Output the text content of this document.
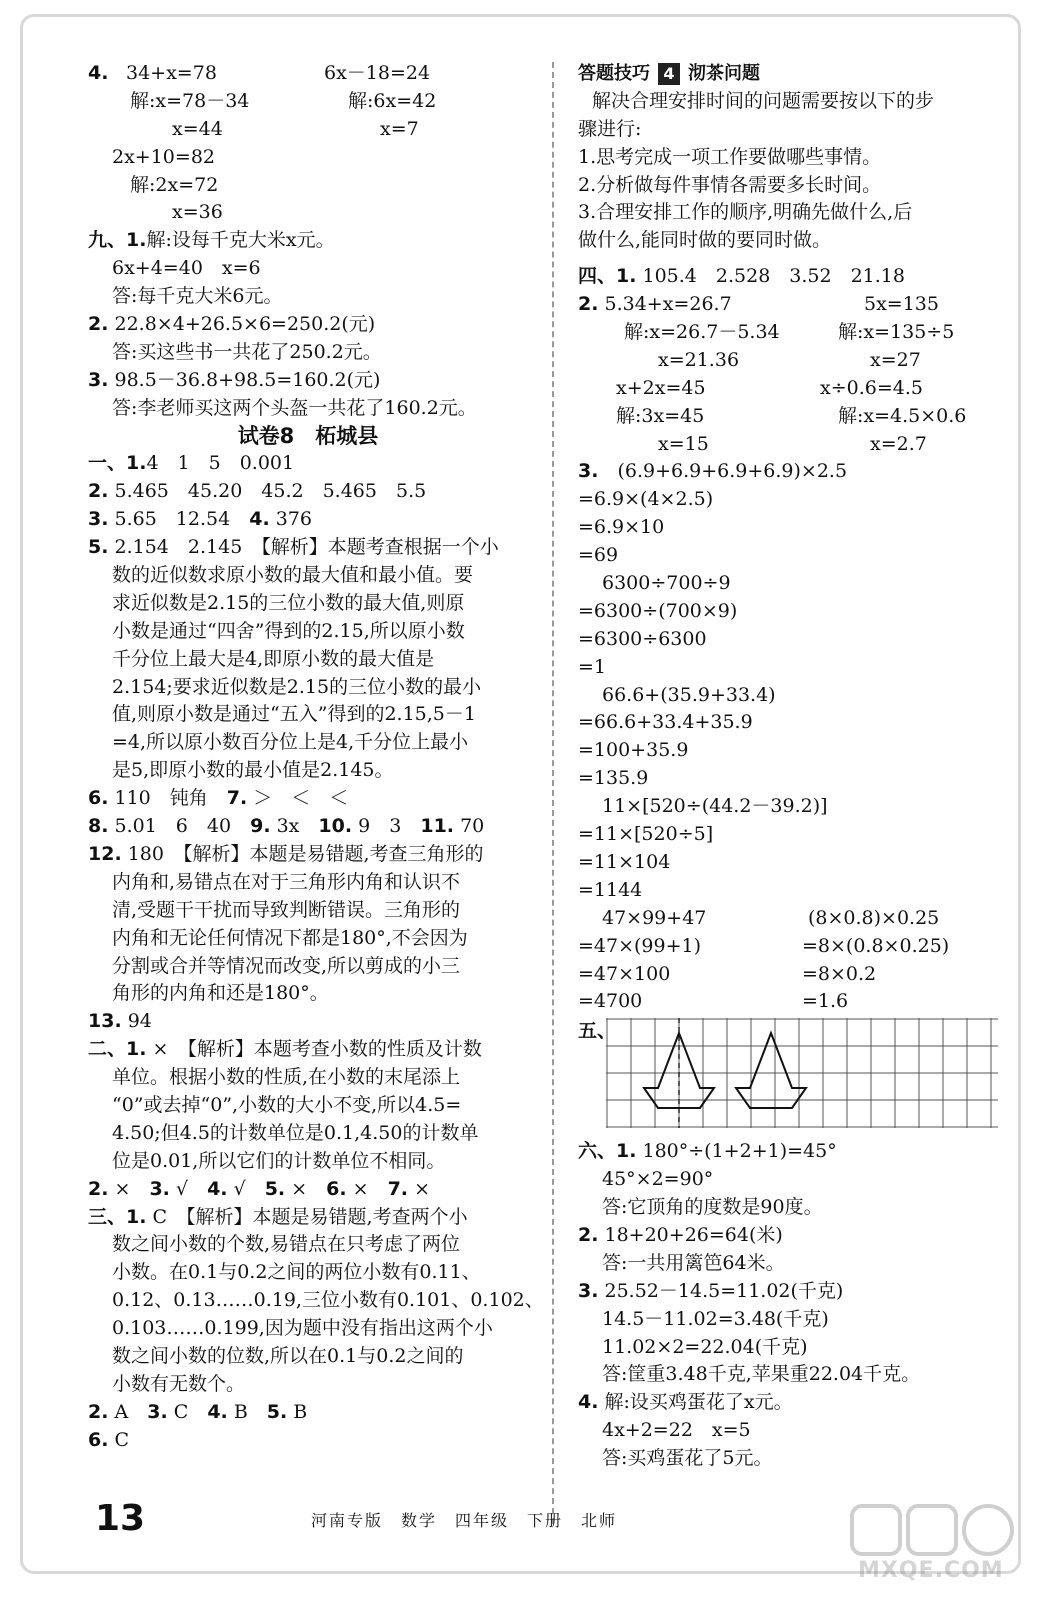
4. 34+x=78	6x－18=24
解:x=78－34	解:6x=42
x=44	x=7
2x+10=82
解:2x=72
x=36
九、1.解:设每千克大米x元。
6x+4=40　x=6
答:每千克大米6元。
2. 22.8×4+26.5×6=250.2(元)
答:买这些书一共花了250.2元。
3. 98.5－36.8+98.5=160.2(元)
答:李老师买这两个头盔一共花了160.2元。
试卷8　柘城县
一、1.4　1　5　0.001
2. 5.465　45.20　45.2　5.465　5.5
3. 5.65　12.54　 4. 376
5. 2.154　2.145　【解析】本题考查根据一个小
数的近似数求原小数的最大值和最小值。要
求近似数是2.15的三位小数的最大值,则原
小数是通过“四舍”得到的2.15,所以原小数
千分位上最大是4,即原小数的最大值是
2.154;要求近似数是2.15的三位小数的最小
值,则原小数是通过“五入”得到的2.15,5－1
=4,所以原小数百分位上是4,千分位上最小
是5,即原小数的最小值是2.145。
6. 110　钝角　 7. ＞　＜　＜
8. 5.01　6　40　 9. 3x　 10. 9　3　 11. 70
12. 180　【解析】本题是易错题,考查三角形的
内角和,易错点在对于三角形内角和认识不
清,受题干干扰而导致判断错误。三角形的
内角和无论任何情况下都是180°,不会因为
分割或合并等情况而改变,所以剪成的小三
角形的内角和还是180°。
13. 94
二、1. ×　【解析】本题考查小数的性质及计数
单位。根据小数的性质,在小数的末尾添上
“0”或去掉“0”,小数的大小不变,所以4.5=
4.50;但4.5的计数单位是0.1,4.50的计数单
位是0.01,所以它们的计数单位不相同。
2. ×　 3. √　 4. √　 5. ×　 6. ×　 7. ×
三、1. C　【解析】本题是易错题,考查两个小
数之间小数的个数,易错点在只考虑了两位
小数。在0.1与0.2之间的两位小数有0.11、
0.12、0.13……0.19,三位小数有0.101、0.102、
0.103……0.199,因为题中没有指出这两个小
数之间小数的位数,所以在0.1与0.2之间的
小数有无数个。
2. A　 3. C　 4. B　 5. B
6. C
答题技巧 4 沏茶问题
解决合理安排时间的问题需要按以下的步
骤进行:
1.思考完成一项工作要做哪些事情。
2.分析做每件事情各需要多长时间。
3.合理安排工作的顺序,明确先做什么,后
做什么,能同时做的要同时做。
四、1. 105.4　2.528　3.52　21.18
2. 5.34+x=26.7	5x=135
解:x=26.7－5.34	解:x=135÷5
x=21.36	x=27
x+2x=45	x÷0.6=4.5
解:3x=45	解:x=4.5×0.6
x=15	x=2.7
3.　 (6.9+6.9+6.9+6.9)×2.5
=6.9×(4×2.5)
=6.9×10
=69
6300÷700÷9
=6300÷(700×9)
=6300÷6300
=1
66.6+(35.9+33.4)
=66.6+33.4+35.9
=100+35.9
=135.9
11×[520÷(44.2－39.2)]
=11×[520÷5]
=11×104
=1144
47×99+47	(8×0.8)×0.25
=47×(99+1)	=8×(0.8×0.25)
=47×100	=8×0.2
=4700	=1.6
五、
六、1. 180°÷(1+2+1)=45°
45°×2=90°
答:它顶角的度数是90度。
2. 18+20+26=64(米)
答:一共用篱笆64米。
3. 25.52－14.5=11.02(千克)
14.5－11.02=3.48(千克)
11.02×2=22.04(千克)
答:筐重3.48千克,苹果重22.04千克。
4. 解:设买鸡蛋花了x元。
4x+2=22　x=5
答:买鸡蛋花了5元。
13	河南专版　数学　四年级　下册　北师
MXQE.COM
